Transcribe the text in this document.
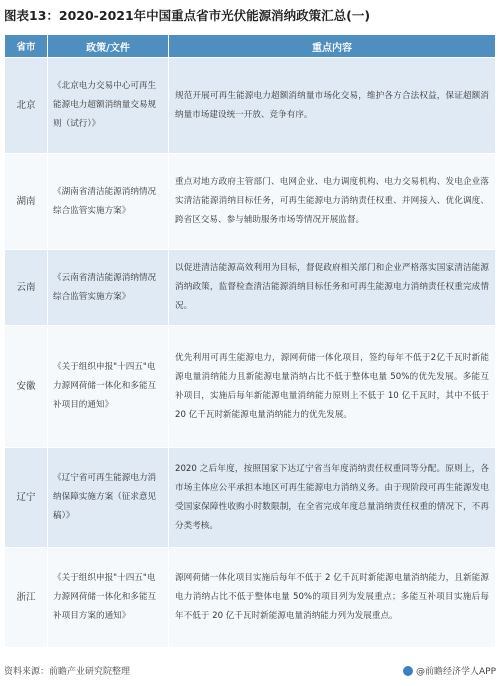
图表13：2020-2021年中国重点省市光伏能源消纳政策汇总(一)
省市	政策/文件	重点内容
北京	《北京电力交易中心可再生能源电力超额消纳量交易规则（试行）》	规范开展可再生能源电力超额消纳量市场化交易，维护各方合法权益，保证超额消纳量市场建设统一开放、竞争有序。
湖南	《湖南省清洁能源消纳情况综合监管实施方案》	重点对地方政府主管部门、电网企业、电力调度机构、电力交易机构、发电企业落实清洁能源消纳目标任务，可再生能源电力消纳责任权重、并网接入、优化调度、跨省区交易、参与辅助服务市场等情况开展监督。
云南	《云南省清洁能源消纳情况综合监管实施方案》	以促进清洁能源高效利用为目标，督促政府相关部门和企业严格落实国家清洁能源消纳政策，监督检查清洁能源消纳目标任务和可再生能源电力消纳责任权重完成情况。
安徽	《关于组织申报"十四五"电力源网荷储一体化和多能互补项目的通知》	优先利用可再生能源电力，源网荷储一体化项目，签约每年不低于2亿千瓦时新能源电量消纳能力且新能源电量消纳占比不低于整体电量 50%的优先发展。多能互补项目，实施后每年新能源电量消纳能力原则上不低于 10 亿千瓦时，其中不低于 20 亿千瓦时新能源电量消纳能力的优先发展。
辽宁	《辽宁省可再生能源电力消纳保障实施方案（征求意见稿）》	2020 之后年度，按照国家下达辽宁省当年度消纳责任权重同等分配。原则上，各市场主体应公平承担本地区可再生能源电力消纳义务。由于现阶段可再生能源发电受国家保障性收购小时数限制，在全省完成年度总量消纳责任权重的情况下，不再分类考核。
浙江	《关于组织申报"十四五"电力源网荷储一体化和多能互补项目方案的通知》	源网荷储一体化项目实施后每年不低于 2 亿千瓦时新能源电量消纳能力，且新能源电力消纳占比不低于整体电量 50%的项目列为发展重点；多能互补项目实施后每年不低于 20 亿千瓦时新能源电量消纳能力列为发展重点。
资料来源：前瞻产业研究院整理	@前瞻经济学人APP
